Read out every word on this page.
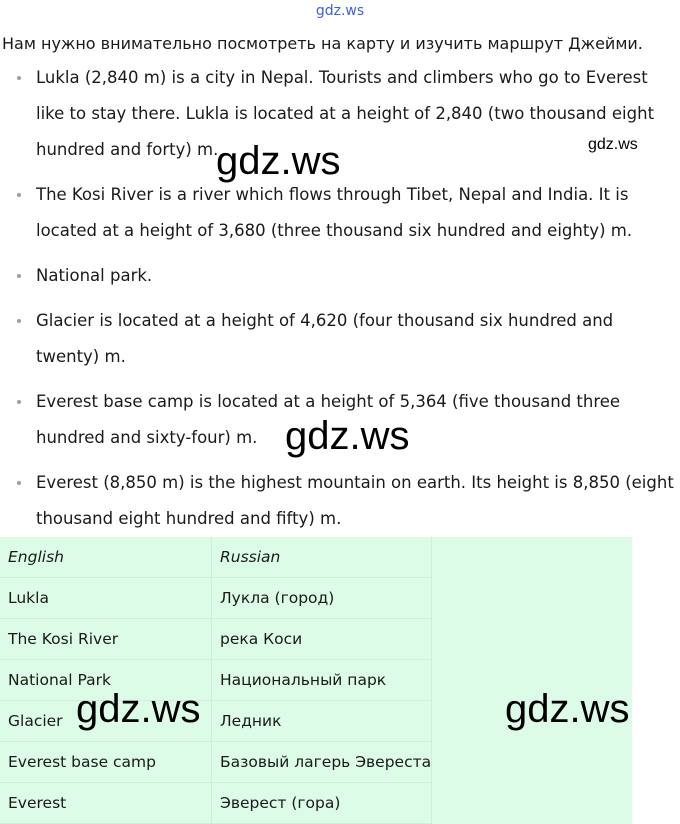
gdz.ws
Нам нужно внимательно посмотреть на карту и изучить маршрут Джейми.
Lukla (2,840 m) is a city in Nepal. Tourists and climbers who go to Everest like to stay there. Lukla is located at a height of 2,840 (two thousand eight hundred and forty) m.
The Kosi River is a river which flows through Tibet, Nepal and India. It is located at a height of 3,680 (three thousand six hundred and eighty) m.
National park.
Glacier is located at a height of 4,620 (four thousand six hundred and twenty) m.
Everest base camp is located at a height of 5,364 (five thousand three hundred and sixty-four) m.
Everest (8,850 m) is the highest mountain on earth. Its height is 8,850 (eight thousand eight hundred and fifty) m.
English	Russian	
Lukla	Лукла (город)	
The Kosi River	река Коси	
National Park	Национальный парк	
Glacier	Ледник	
Everest base camp	Базовый лагерь Эвереста	
Everest	Эверест (гора)	
gdz.ws	gdz.ws
gdz.ws
gdz.ws	gdz.ws
